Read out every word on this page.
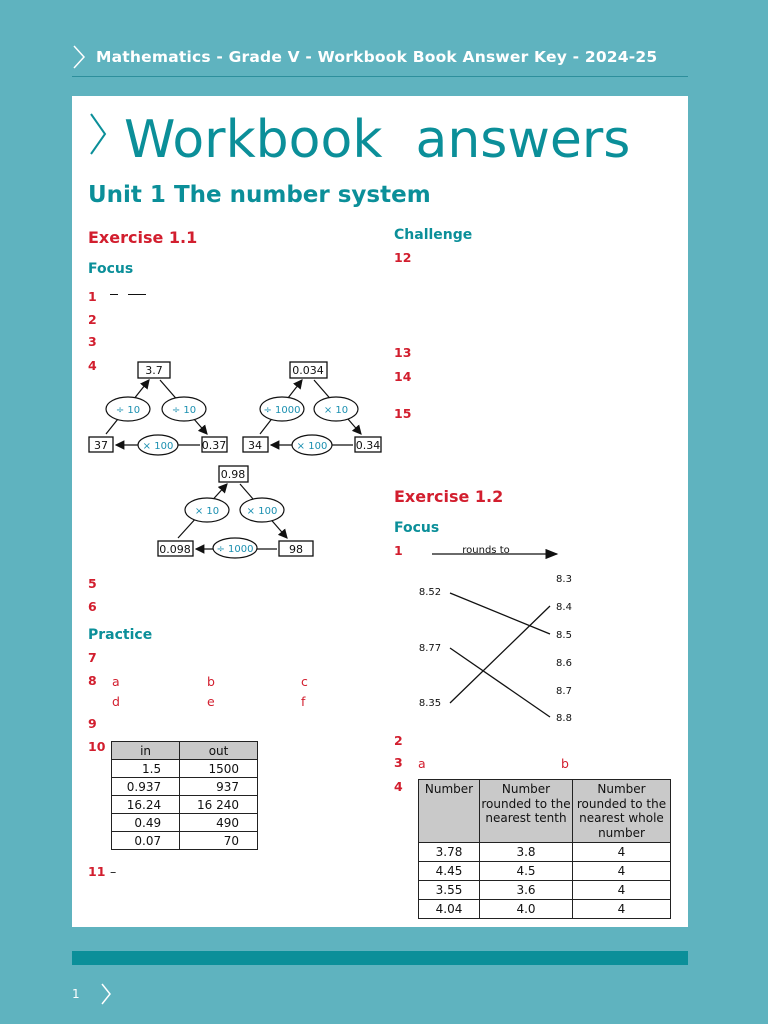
Mathematics - Grade V - Workbook Book Answer Key - 2024-25
Workbook  answers
Unit 1 The number system
Exercise 1.1
Focus
1
2
3
4	3.7
37	0.37
÷ 10	÷ 10
× 100
0.034
34	0.34
÷ 1000 × 10
× 100
0.98
0.098	98
× 10	× 100
÷ 1000
5
6
Practice
7
8 a	b	c
d	e	f
9
10	in	out
1.5	1500
0.937	937
16.24	16 240
0.49	490
0.07	70
11 –
Challenge
12
13
14
15
Exercise 1.2
Focus
1	rounds to
8.52
8.77
8.35
8.3
8.4
8.5
8.6
8.7
8.8
2
3 a	b
4 Number	Number rounded to the nearest tenth	Number rounded to the nearest whole number
3.78	3.8	4
4.45	4.5	4
3.55	3.6	4
4.04	4.0	4
1
